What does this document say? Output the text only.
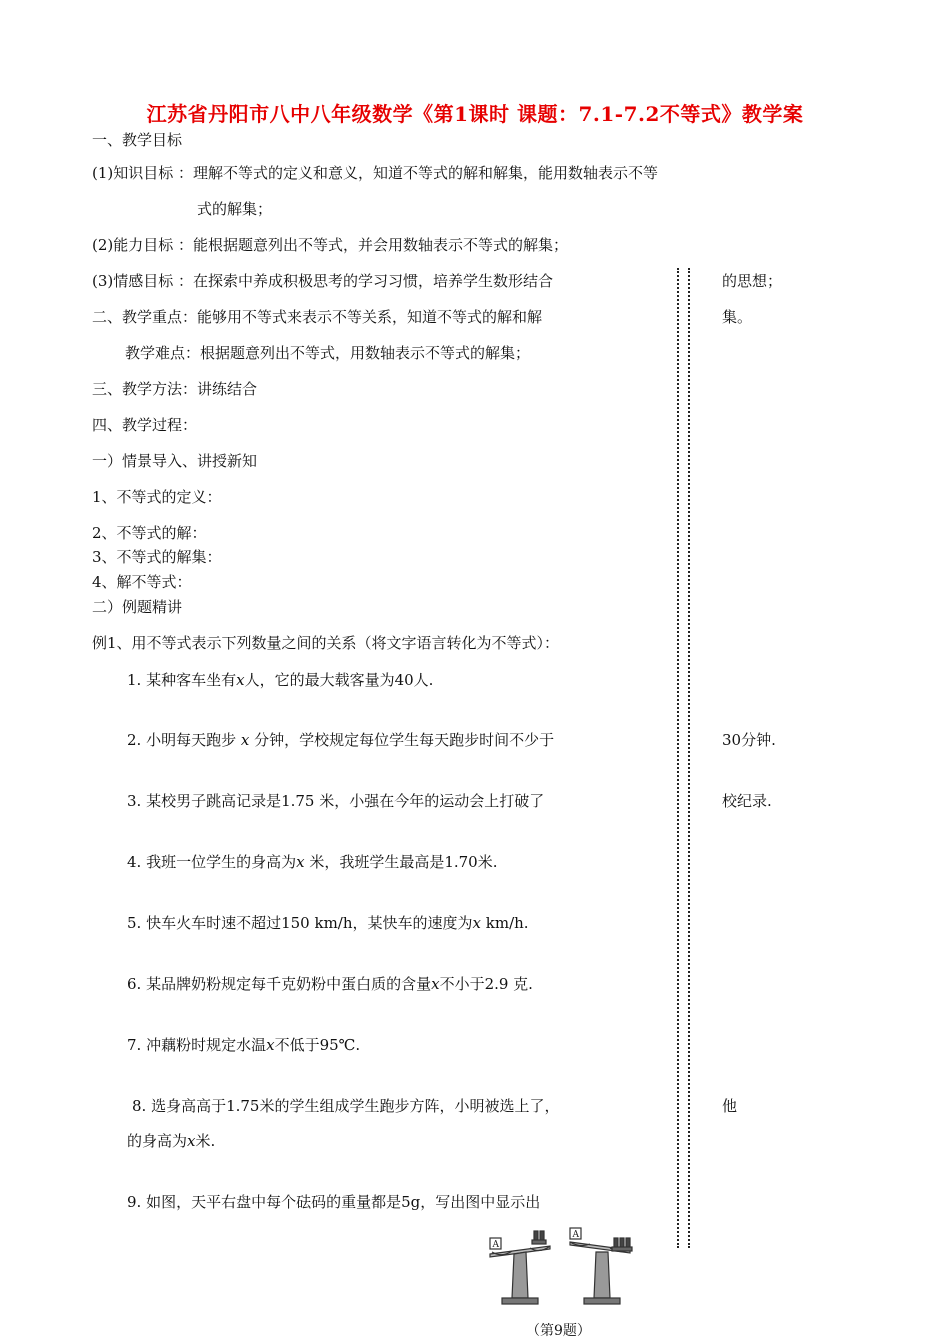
江苏省丹阳市八中八年级数学《第1课时 课题：7.1-7.2不等式》教学案
一、教学目标
(1)知识目标 ：理解不等式的定义和意义，知道不等式的解和解集，能用数轴表示不等
式的解集；
(2)能力目标 ：能根据题意列出不等式，并会用数轴表示不等式的解集；
(3)情感目标 ：在探索中养成积极思考的学习习惯，培养学生数形结合	的思想；
二、教学重点：能够用不等式来表示不等关系，知道不等式的解和解	集。
教学难点：根据题意列出不等式，用数轴表示不等式的解集；
三、教学方法：讲练结合
四、教学过程：
一）情景导入、讲授新知
1、不等式的定义：
2、不等式的解：
3、不等式的解集：
4、解不等式：
二）例题精讲
例1、用不等式表示下列数量之间的关系（将文字语言转化为不等式）：
1. 某种客车坐有x人，它的最大载客量为40人.
2. 小明每天跑步 x 分钟，学校规定每位学生每天跑步时间不少于	30分钟.
3. 某校男子跳高记录是1.75 米，小强在今年的运动会上打破了	校纪录.
4. 我班一位学生的身高为x 米，我班学生最高是1.70米.
5. 快车火车时速不超过150 km/h，某快车的速度为x km/h.
6. 某品牌奶粉规定每千克奶粉中蛋白质的含量x不小于2.9 克.
7. 冲藕粉时规定水温x不低于95℃.
8. 选身高高于1.75米的学生组成学生跑步方阵，小明被选上了，	他
的身高为x米.
9. 如图，天平右盘中每个砝码的重量都是5g，写出图中显示出
A
A
（第9题）
